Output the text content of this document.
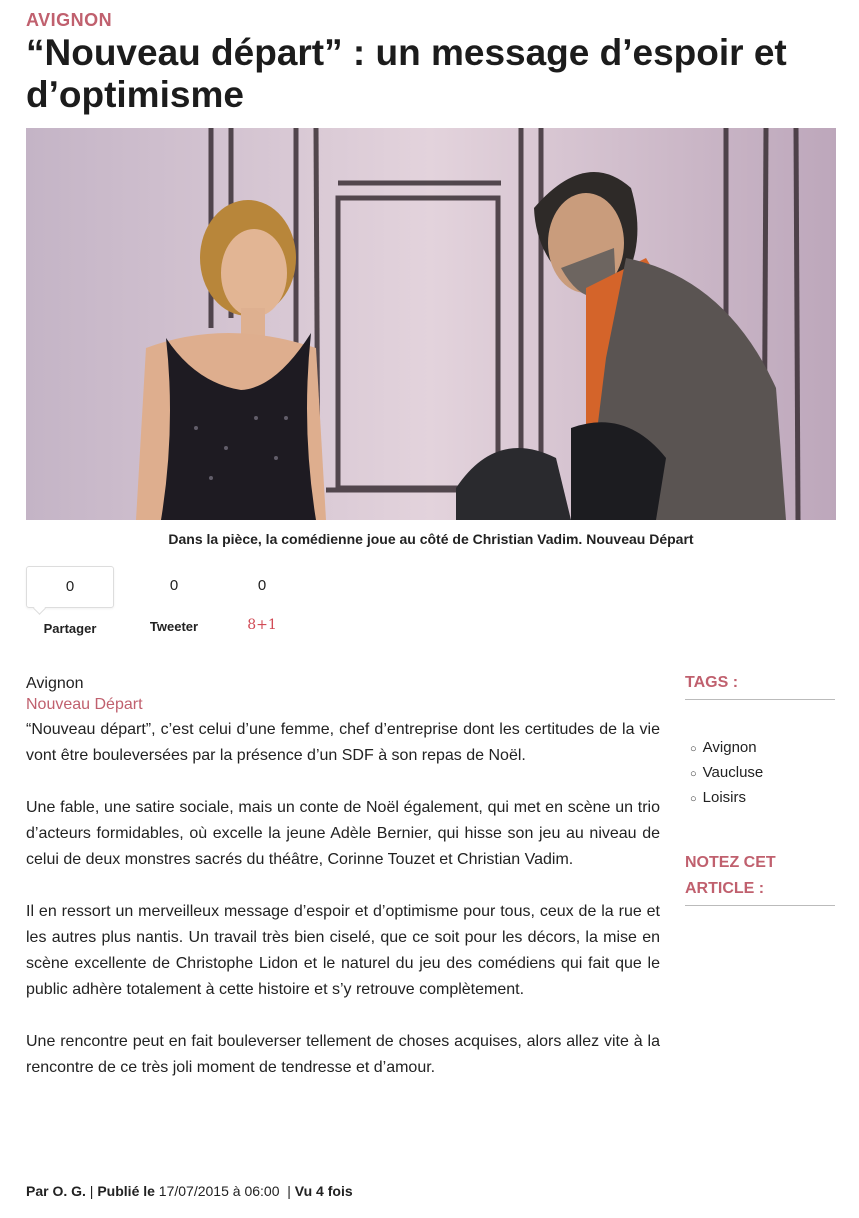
AVIGNON
“Nouveau départ” : un message d’espoir et d’optimisme
Dans la pièce, la comédienne joue au côté de Christian Vadim. Nouveau Départ
0
Partager
0
Tweeter
0
8+1
Avignon
Nouveau Départ

“Nouveau départ”, c’est celui d’une femme, chef d’entreprise dont les certitudes de la vie vont être bouleversées par la présence d’un SDF à son repas de Noël.

Une fable, une satire sociale, mais un conte de Noël également, qui met en scène un trio d’acteurs formidables, où excelle la jeune Adèle Bernier, qui hisse son jeu au niveau de celui de deux monstres sacrés du théâtre, Corinne Touzet et Christian Vadim.

Il en ressort un merveilleux message d’espoir et d’optimisme pour tous, ceux de la rue et les autres plus nantis. Un travail très bien ciselé, que ce soit pour les décors, la mise en scène excellente de Christophe Lidon et le naturel du jeu des comédiens qui fait que le public adhère totalement à cette histoire et s’y retrouve complètement.

Une rencontre peut en fait bouleverser tellement de choses acquises, alors allez vite à la rencontre de ce très joli moment de tendresse et d’amour.

TAGS :
○ Avignon
○ Vaucluse
○ Loisirs
NOTEZ CET ARTICLE :
Par O. G. | Publié le 17/07/2015 à 06:00  | Vu 4 fois
